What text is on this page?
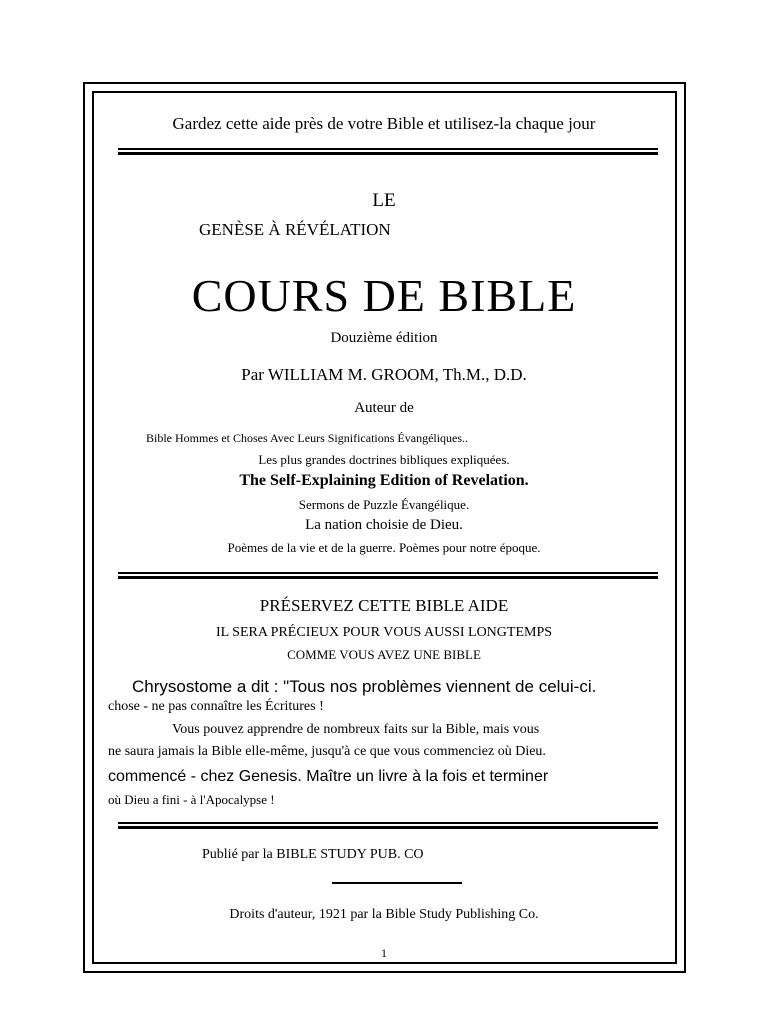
Gardez cette aide près de votre Bible et utilisez-la chaque jour

LE

GENÈSE À RÉVÉLATION

COURS DE BIBLE

Douzième édition

Par WILLIAM M. GROOM, Th.M., D.D.

Auteur de

Bible Hommes et Choses Avec Leurs Significations Évangéliques..

Les plus grandes doctrines bibliques expliquées.

The Self-Explaining Edition of Revelation.

Sermons de Puzzle Évangélique.

La nation choisie de Dieu.

Poèmes de la vie et de la guerre. Poèmes pour notre époque.

PRÉSERVEZ CETTE BIBLE AIDE

IL SERA PRÉCIEUX POUR VOUS AUSSI LONGTEMPS

COMME VOUS AVEZ UNE BIBLE

Chrysostome a dit : "Tous nos problèmes viennent de celui-ci.

chose - ne pas connaître les Écritures !

Vous pouvez apprendre de nombreux faits sur la Bible, mais vous

ne saura jamais la Bible elle-même, jusqu'à ce que vous commenciez où Dieu.

commencé - chez Genesis. Maître un livre à la fois et terminer

où Dieu a fini - à l'Apocalypse !

Publié par la BIBLE STUDY PUB. CO

Droits d'auteur, 1921 par la Bible Study Publishing Co.

1
